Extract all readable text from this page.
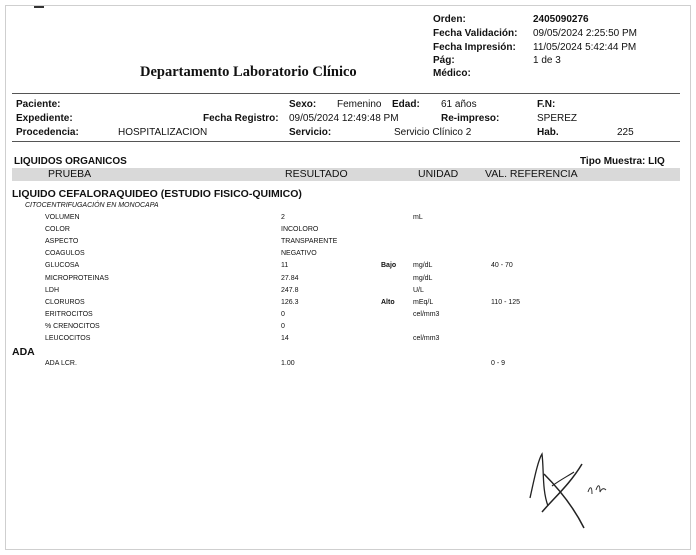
Orden:	2405090276
Fecha Validación: 09/05/2024 2:25:50 PM
Fecha Impresión: 11/05/2024 5:42:44 PM
Pág:	1 de 3
Médico:
Departamento Laboratorio Clínico
Paciente:	Sexo: Femenino Edad: 61 años	F.N:
Expediente:	Fecha Registro: 09/05/2024 12:49:48 PM	Re-impreso:	SPEREZ
Procedencia:	HOSPITALIZACION	Servicio:	Servicio Clínico 2	Hab.	225
LIQUIDOS ORGANICOS	Tipo Muestra: LIQ
PRUEBA	RESULTADO	UNIDAD	VAL. REFERENCIA
LIQUIDO CEFALORAQUIDEO (ESTUDIO FISICO-QUIMICO)
CITOCENTRIFUGACIÓN EN MONOCAPA
VOLUMEN	2	mL
COLOR	INCOLORO
ASPECTO	TRANSPARENTE
COAGULOS	NEGATIVO
GLUCOSA	11	Bajo mg/dL	40 - 70
MICROPROTEINAS	27.84	mg/dL
LDH	247.8	U/L
CLORUROS	126.3	Alto	mEq/L	110 - 125
ERITROCITOS	0	cel/mm3
% CRENOCITOS	0
LEUCOCITOS	14	cel/mm3
ADA
ADA LCR.	1.00	0 - 9
